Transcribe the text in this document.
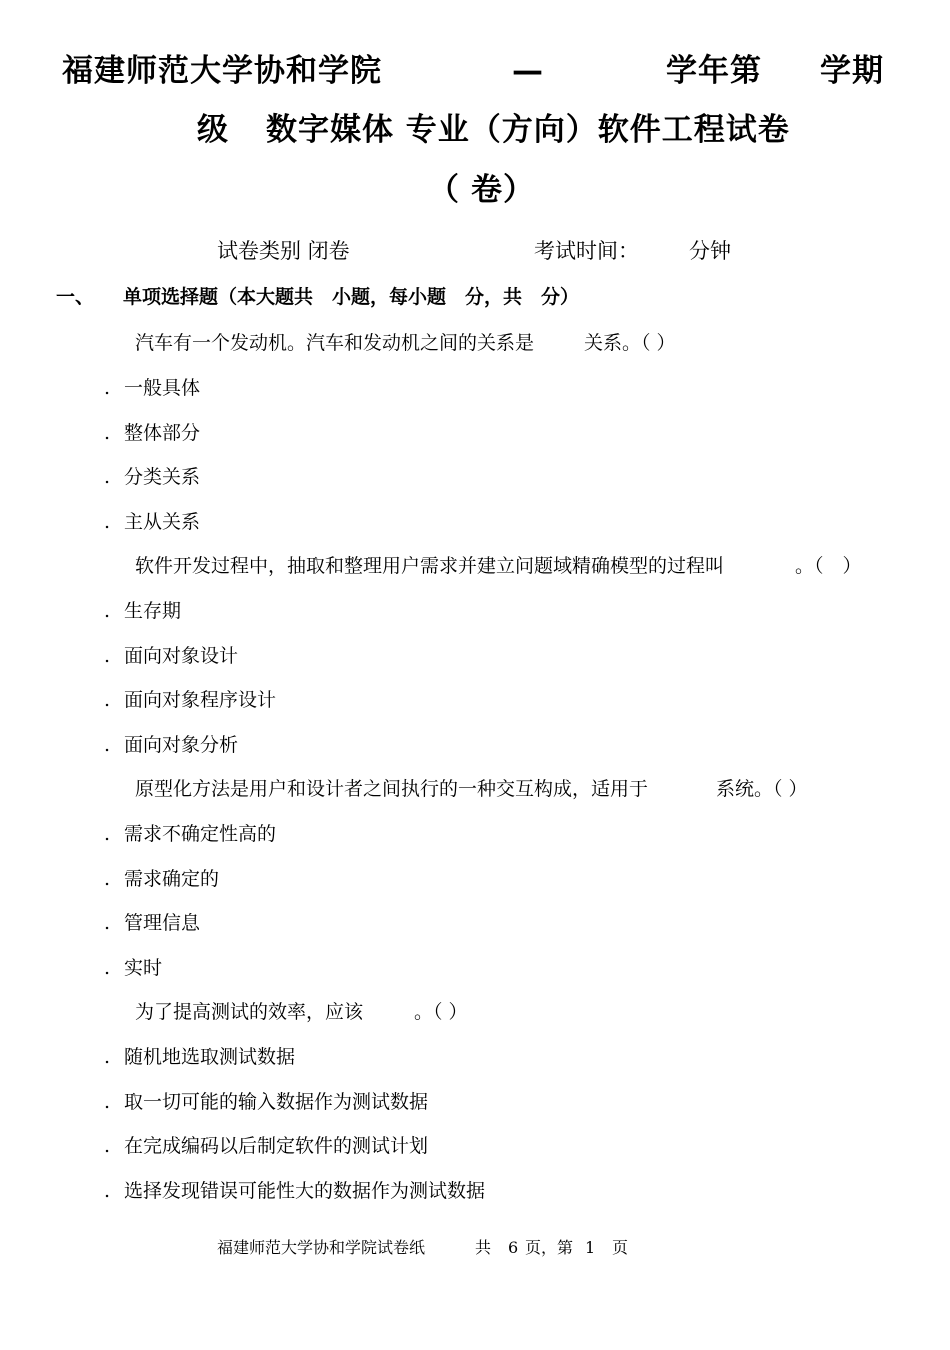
福建师范大学协和学院	—	学年第 学期
级 数字媒体 专业（方向）软件工程试卷
（ 卷）
试卷类别 闭卷	考试时间： 分钟
一、 单项选择题（本大题共　小题，每小题　分，共　分）
汽车有一个发动机。汽车和发动机之间的关系是	关系。（ ）
. 一般具体
. 整体部分
. 分类关系
. 主从关系
软件开发过程中，抽取和整理用户需求并建立问题域精确模型的过程叫	。（　）
. 生存期
. 面向对象设计
. 面向对象程序设计
. 面向对象分析
原型化方法是用户和设计者之间执行的一种交互构成，适用于	系统。（ ）
. 需求不确定性高的
. 需求确定的
. 管理信息
. 实时
为了提高测试的效率，应该	。（ ）
. 随机地选取测试数据
. 取一切可能的输入数据作为测试数据
. 在完成编码以后制定软件的测试计划
. 选择发现错误可能性大的数据作为测试数据
福建师范大学协和学院试卷纸	共 6 页，第 1 页
